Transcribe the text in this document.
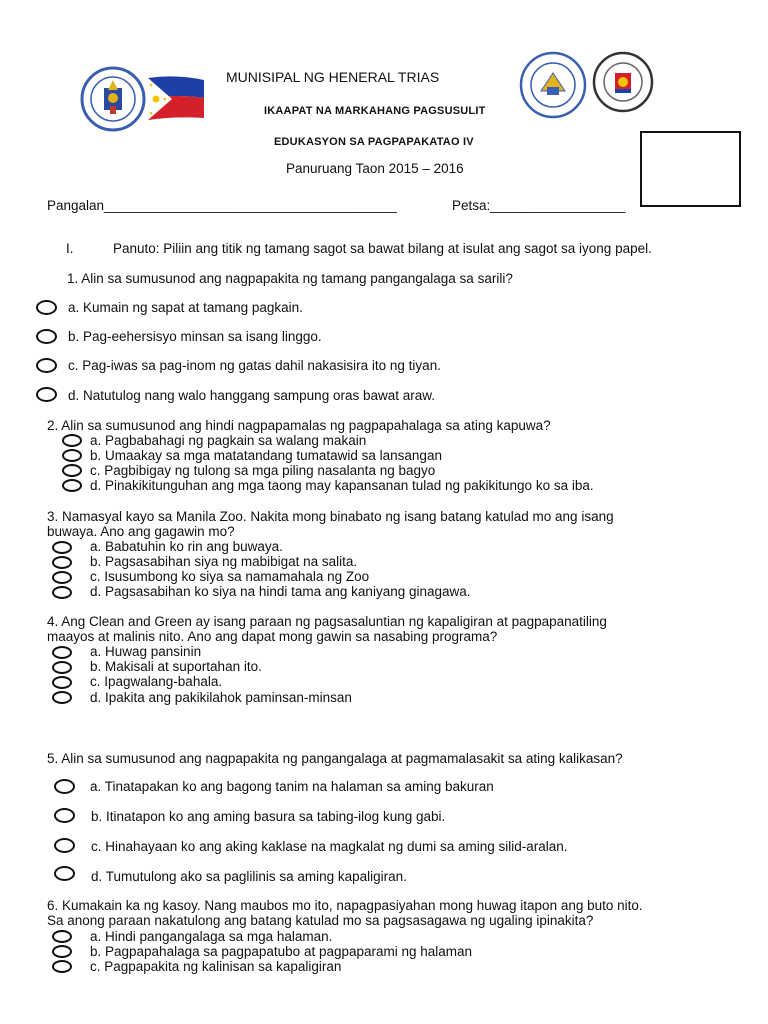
MUNISIPAL NG HENERAL TRIAS
IKAAPAT NA MARKAHANG PAGSUSULIT
EDUKASYON SA PAGPAPAKATAO IV
Panuruang Taon 2015 – 2016
Pangalan_______________________________________	Petsa:__________________
I.	Panuto: Piliin ang titik ng tamang sagot sa bawat bilang at isulat ang sagot sa iyong papel.
1. Alin sa sumusunod ang nagpapakita ng tamang pangangalaga sa sarili?
a. Kumain ng sapat at tamang pagkain.
b. Pag-eehersisyo minsan sa isang linggo.
c. Pag-iwas sa pag-inom ng gatas dahil nakasisira ito ng tiyan.
d. Natutulog nang walo hanggang sampung oras bawat araw.
2. Alin sa sumusunod ang hindi nagpapamalas ng pagpapahalaga sa ating kapuwa?
a. Pagbabahagi ng pagkain sa walang makain
b. Umaakay sa mga matatandang tumatawid sa lansangan
c. Pagbibigay ng tulong sa mga piling nasalanta ng bagyo
d. Pinakikitunguhan ang mga taong may kapansanan tulad ng pakikitungo ko sa iba.
3. Namasyal kayo sa Manila Zoo. Nakita mong binabato ng isang batang katulad mo ang isang
buwaya. Ano ang gagawin mo?
a. Babatuhin ko rin ang buwaya.
b. Pagsasabihan siya ng mabibigat na salita.
c. Isusumbong ko siya sa namamahala ng Zoo
d. Pagsasabihan ko siya na hindi tama ang kaniyang ginagawa.
4. Ang Clean and Green ay isang paraan ng pagsasaluntian ng kapaligiran at pagpapanatiling
maayos at malinis nito. Ano ang dapat mong gawin sa nasabing programa?
a. Huwag pansinin
b. Makisali at suportahan ito.
c. Ipagwalang-bahala.
d. Ipakita ang pakikilahok paminsan-minsan
5. Alin sa sumusunod ang nagpapakita ng pangangalaga at pagmamalasakit sa ating kalikasan?
a. Tinatapakan ko ang bagong tanim na halaman sa aming bakuran
b. Itinatapon ko ang aming basura sa tabing-ilog kung gabi.
c. Hinahayaan ko ang aking kaklase na magkalat ng dumi sa aming silid-aralan.
d. Tumutulong ako sa paglilinis sa aming kapaligiran.
6. Kumakain ka ng kasoy. Nang maubos mo ito, napagpasiyahan mong huwag itapon ang buto nito.
Sa anong paraan nakatulong ang batang katulad mo sa pagsasagawa ng ugaling ipinakita?
a. Hindi pangangalaga sa mga halaman.
b. Pagpapahalaga sa pagpapatubo at pagpaparami ng halaman
c. Pagpapakita ng kalinisan sa kapaligiran
